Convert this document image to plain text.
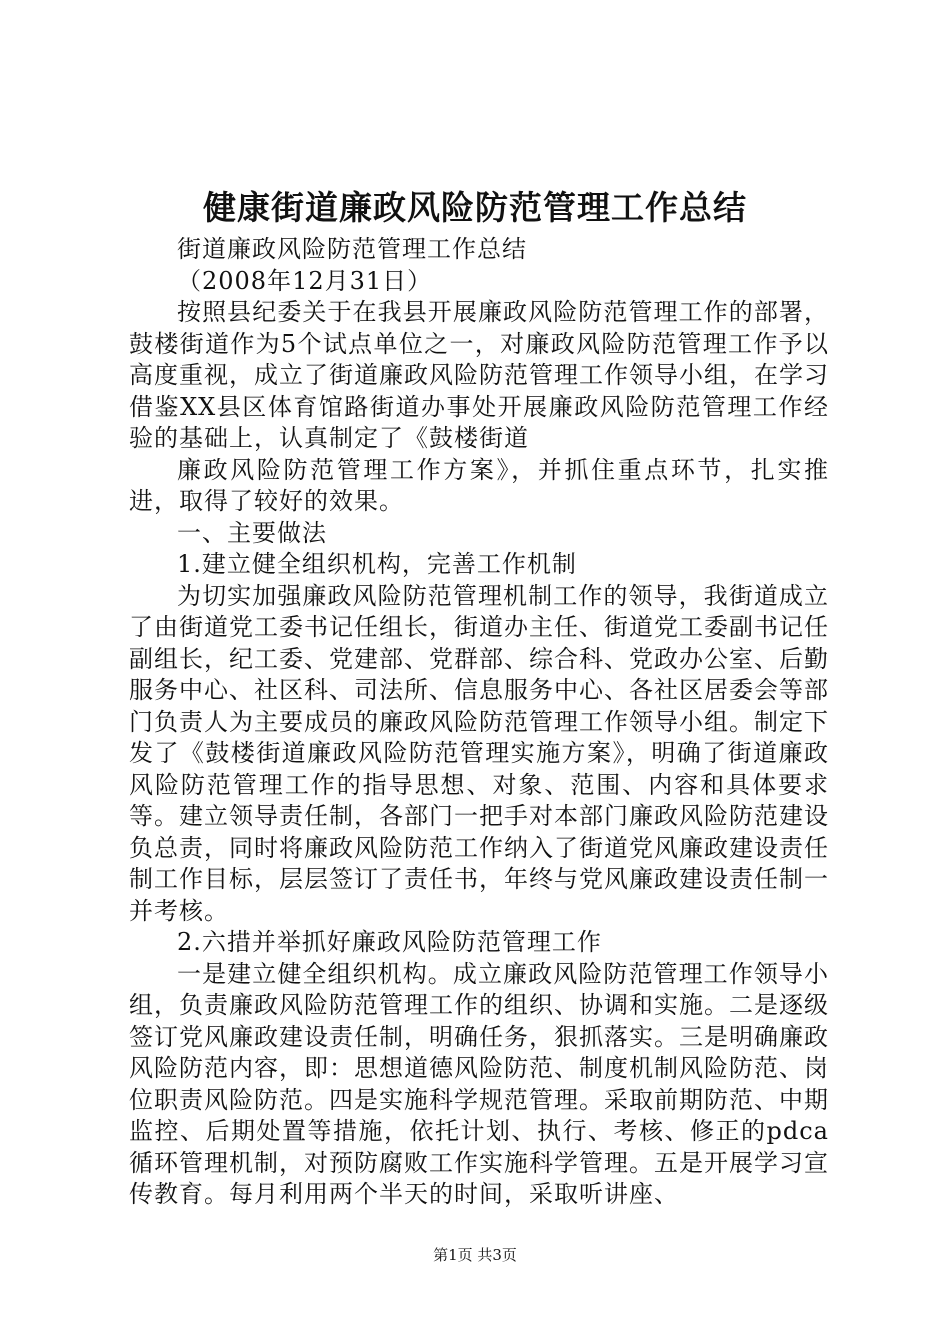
健康街道廉政风险防范管理工作总结

街道廉政风险防范管理工作总结

（2008年12月31日）

按照县纪委关于在我县开展廉政风险防范管理工作的部署，鼓楼街道作为5个试点单位之一，对廉政风险防范管理工作予以高度重视，成立了街道廉政风险防范管理工作领导小组，在学习借鉴XX县区体育馆路街道办事处开展廉政风险防范管理工作经验的基础上，认真制定了《鼓楼街道

廉政风险防范管理工作方案》，并抓住重点环节，扎实推进，取得了较好的效果。

一、主要做法

1.建立健全组织机构，完善工作机制

为切实加强廉政风险防范管理机制工作的领导，我街道成立了由街道党工委书记任组长，街道办主任、街道党工委副书记任副组长，纪工委、党建部、党群部、综合科、党政办公室、后勤服务中心、社区科、司法所、信息服务中心、各社区居委会等部门负责人为主要成员的廉政风险防范管理工作领导小组。制定下发了《鼓楼街道廉政风险防范管理实施方案》，明确了街道廉政风险防范管理工作的指导思想、对象、范围、内容和具体要求等。建立领导责任制，各部门一把手对本部门廉政风险防范建设负总责，同时将廉政风险防范工作纳入了街道党风廉政建设责任制工作目标，层层签订了责任书，年终与党风廉政建设责任制一并考核。

2.六措并举抓好廉政风险防范管理工作

一是建立健全组织机构。成立廉政风险防范管理工作领导小组，负责廉政风险防范管理工作的组织、协调和实施。二是逐级签订党风廉政建设责任制，明确任务，狠抓落实。三是明确廉政风险防范内容，即：思想道德风险防范、制度机制风险防范、岗位职责风险防范。四是实施科学规范管理。采取前期防范、中期监控、后期处置等措施，依托计划、执行、考核、修正的pdca循环管理机制，对预防腐败工作实施科学管理。五是开展学习宣传教育。每月利用两个半天的时间，采取听讲座、

第1页 共3页
